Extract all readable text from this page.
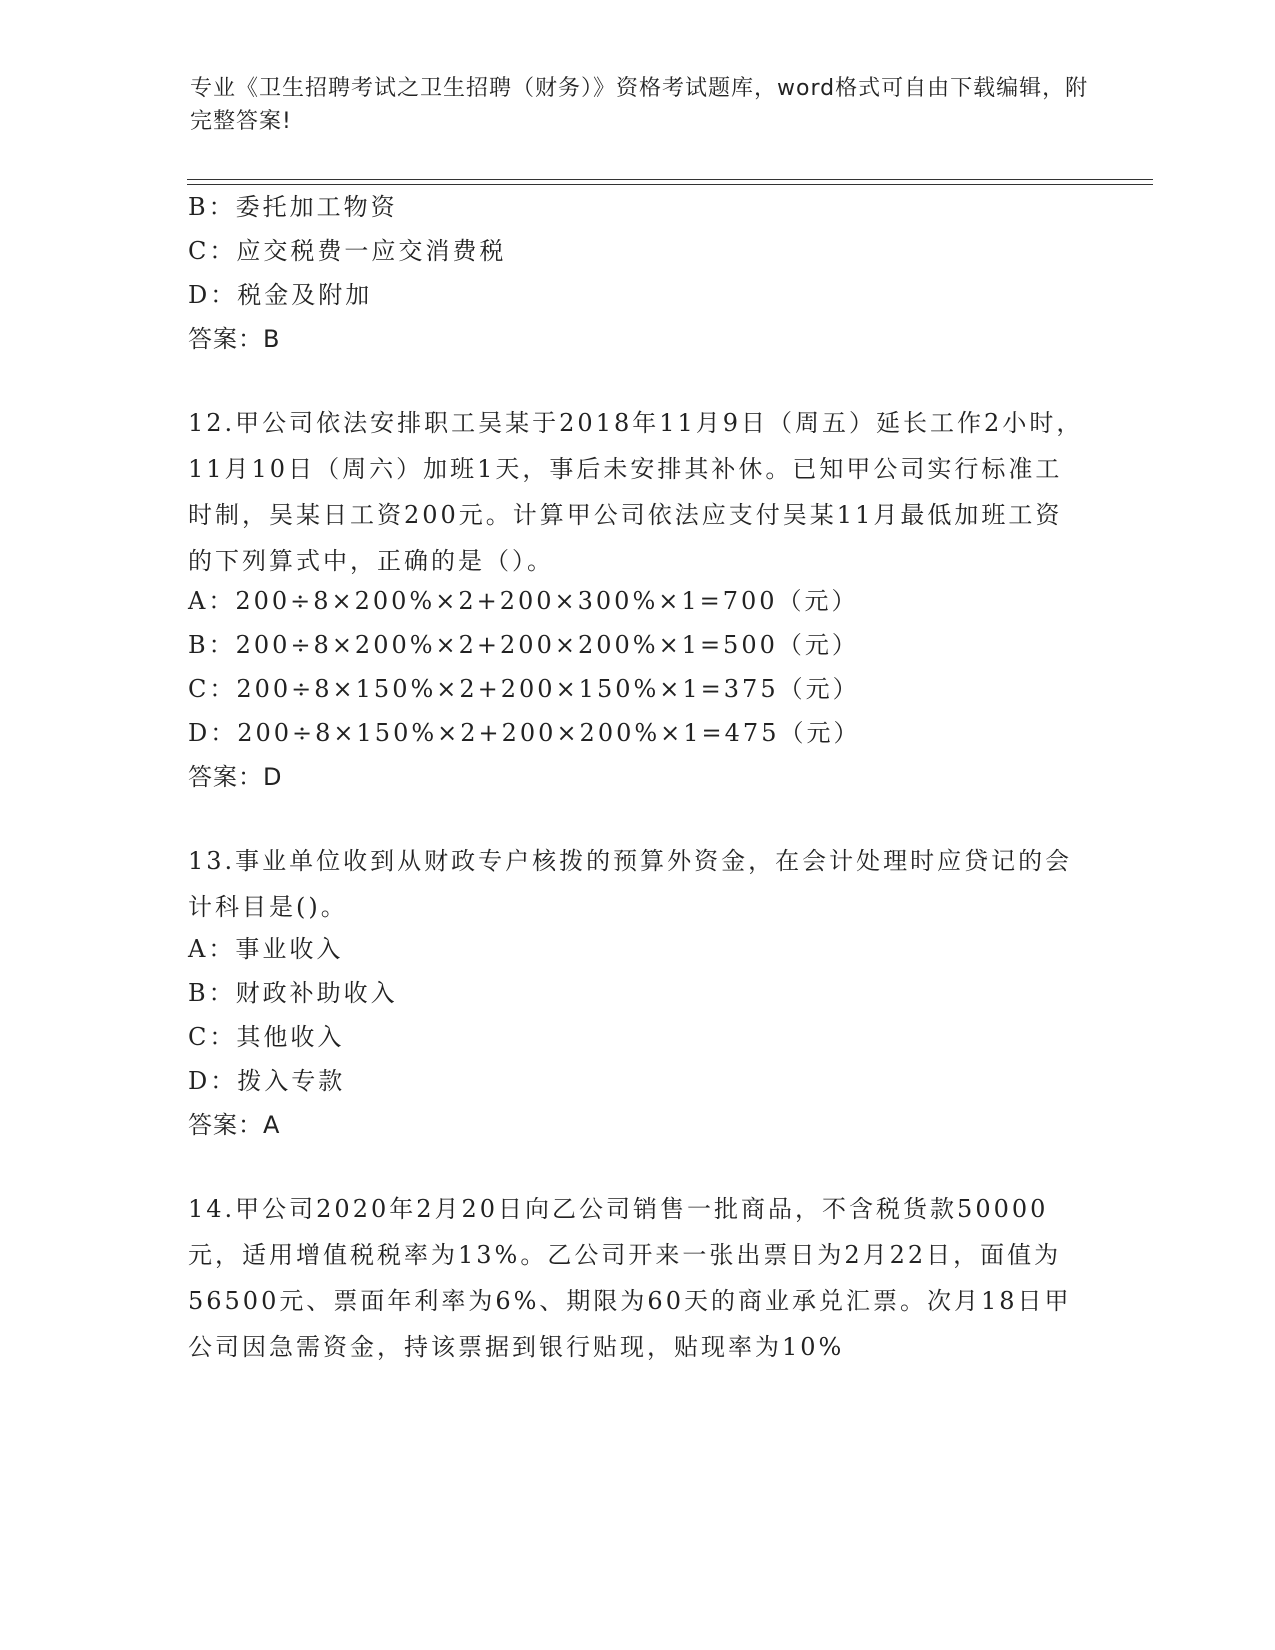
专业《卫生招聘考试之卫生招聘（财务）》资格考试题库，word格式可自由下载编辑，附完整答案!
B：委托加工物资
C：应交税费一应交消费税
D：税金及附加
答案：B
12.甲公司依法安排职工吴某于2018年11月9日（周五）延长工作2小时，11月10日（周六）加班1天，事后未安排其补休。已知甲公司实行标准工时制，吴某日工资200元。计算甲公司依法应支付吴某11月最低加班工资的下列算式中，正确的是（）。
A：200÷8×200%×2+200×300%×1=700（元）
B：200÷8×200%×2+200×200%×1=500（元）
C：200÷8×150%×2+200×150%×1=375（元）
D：200÷8×150%×2+200×200%×1=475（元）
答案：D
13.事业单位收到从财政专户核拨的预算外资金，在会计处理时应贷记的会计科目是()。
A：事业收入
B：财政补助收入
C：其他收入
D：拨入专款
答案：A
14.甲公司2020年2月20日向乙公司销售一批商品，不含税货款50000元，适用增值税税率为13%。乙公司开来一张出票日为2月22日，面值为56500元、票面年利率为6%、期限为60天的商业承兑汇票。次月18日甲公司因急需资金，持该票据到银行贴现，贴现率为10%
